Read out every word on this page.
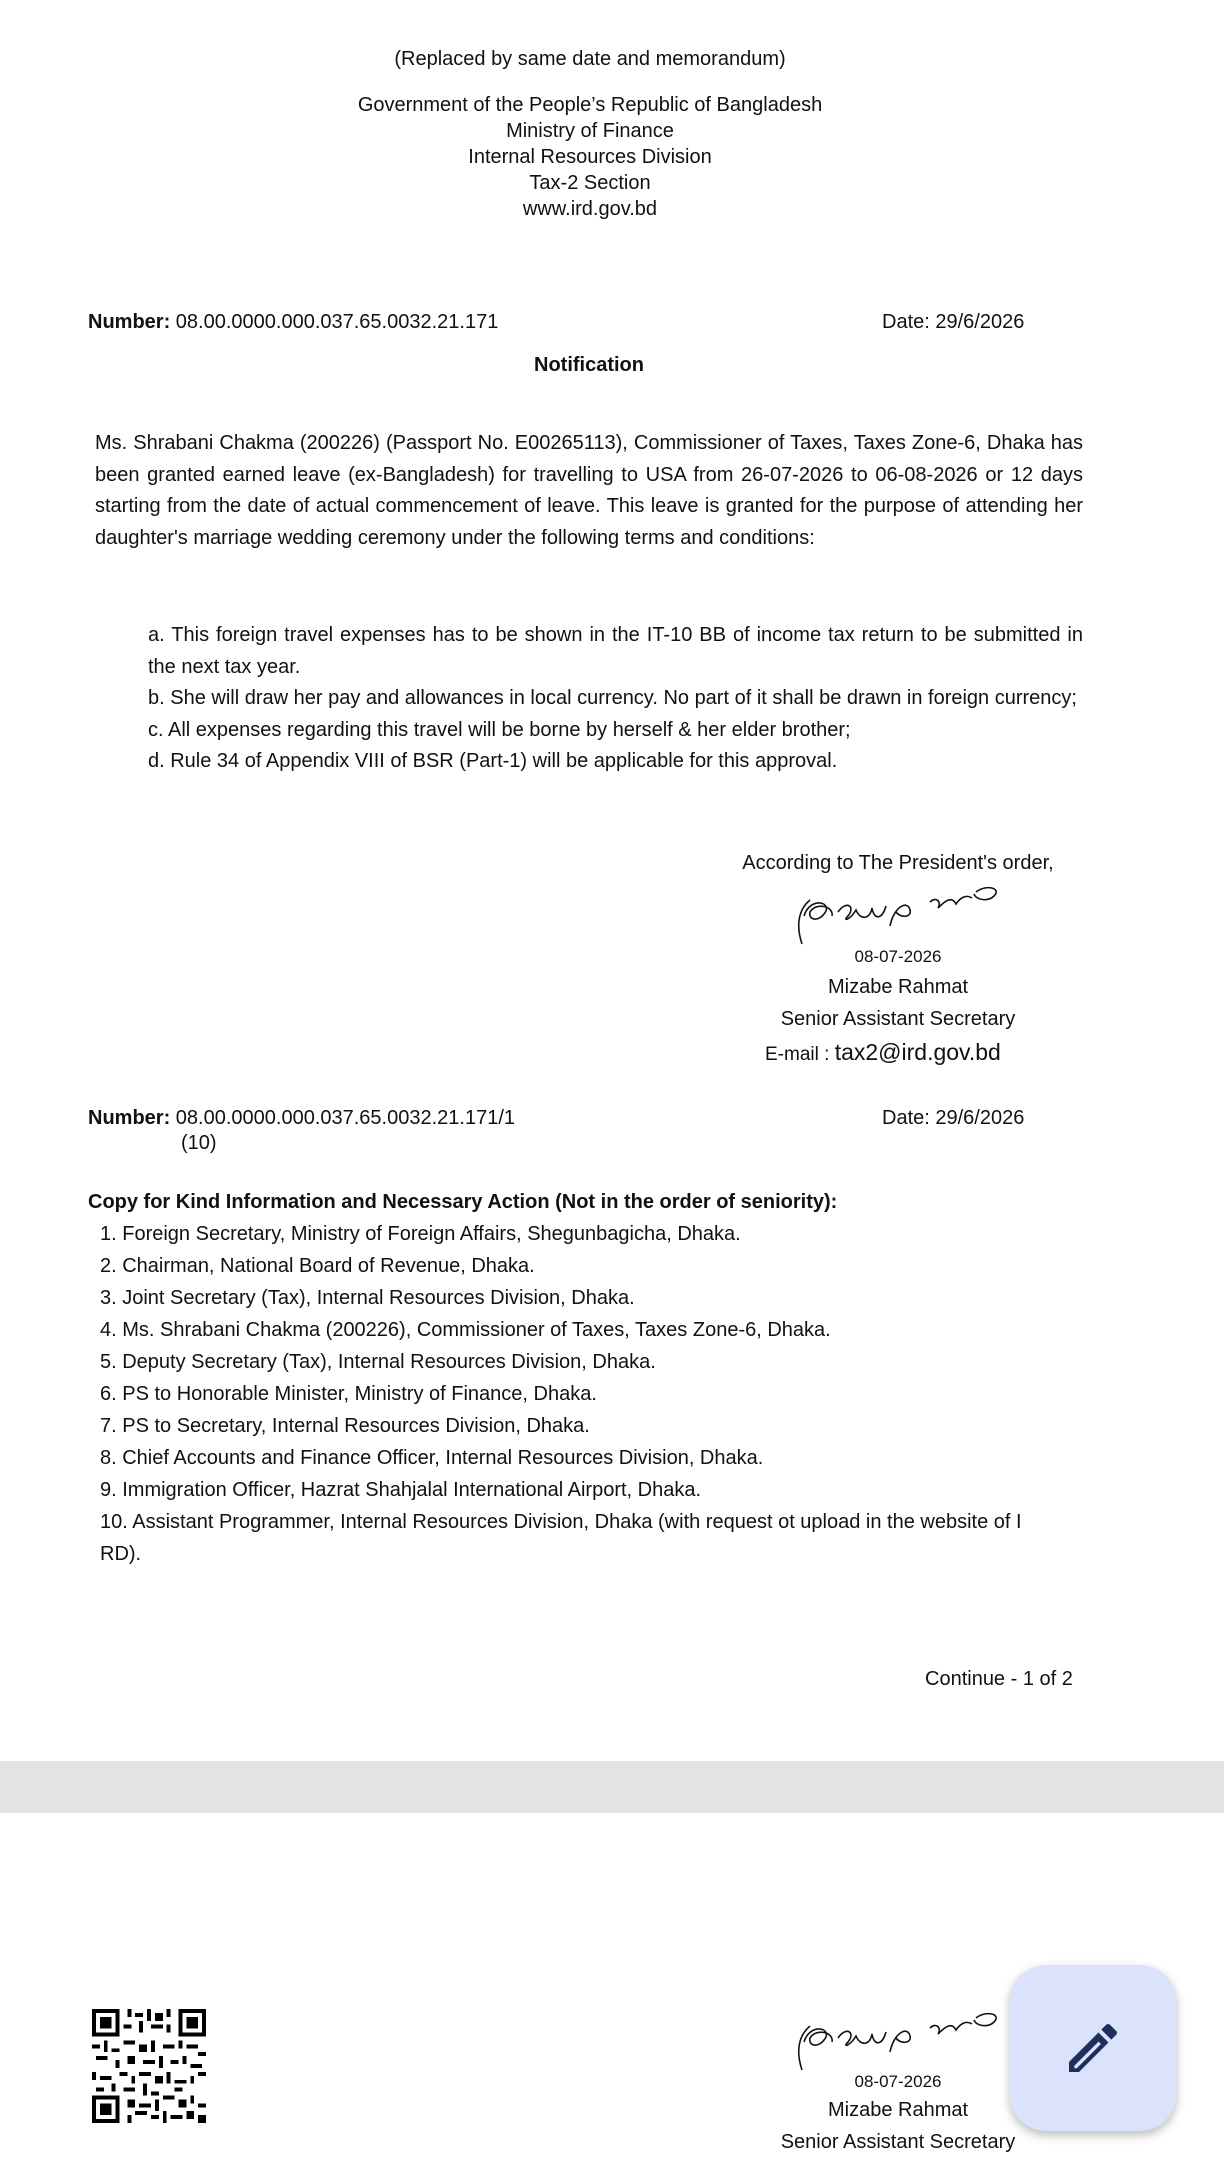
(Replaced by same date and memorandum)
Government of the People’s Republic of Bangladesh
Ministry of Finance
Internal Resources Division
Tax-2 Section
www.ird.gov.bd
Number: 08.00.0000.000.037.65.0032.21.171	Date: 29/6/2026
Notification
Ms. Shrabani Chakma (200226) (Passport No. E00265113), Commissioner of Taxes, Taxes Zone-6, Dhaka has been granted earned leave (ex-Bangladesh) for travelling to USA from 26-07-2026 to 06-08-2026 or 12 days starting from the date of actual commencement of leave. This leave is granted for the purpose of attending her daughter's marriage wedding ceremony under the following terms and conditions:

a. This foreign travel expenses has to be shown in the IT-10 BB of income tax return to be submitted in the next tax year.

b. She will draw her pay and allowances in local currency. No part of it shall be drawn in foreign currency;

c. All expenses regarding this travel will be borne by herself & her elder brother;

d. Rule 34 of Appendix VIII of BSR (Part-1) will be applicable for this approval.

According to The President's order,
08-07-2026
Mizabe Rahmat
Senior Assistant Secretary
E-mail : tax2@ird.gov.bd
Number: 08.00.0000.000.037.65.0032.21.171/1
(10)
Date: 29/6/2026
Copy for Kind Information and Necessary Action (Not in the order of seniority):
1. Foreign Secretary, Ministry of Foreign Affairs, Shegunbagicha, Dhaka.
2. Chairman, National Board of Revenue, Dhaka.
3. Joint Secretary (Tax), Internal Resources Division, Dhaka.
4. Ms. Shrabani Chakma (200226), Commissioner of Taxes, Taxes Zone-6, Dhaka.
5. Deputy Secretary (Tax), Internal Resources Division, Dhaka.
6. PS to Honorable Minister, Ministry of Finance, Dhaka.
7. PS to Secretary, Internal Resources Division, Dhaka.
8. Chief Accounts and Finance Officer, Internal Resources Division, Dhaka.
9. Immigration Officer, Hazrat Shahjalal International Airport, Dhaka.
10. Assistant Programmer, Internal Resources Division, Dhaka (with request ot upload in the website of I
RD).
Continue - 1 of 2
08-07-2026
Mizabe Rahmat
Senior Assistant Secretary
